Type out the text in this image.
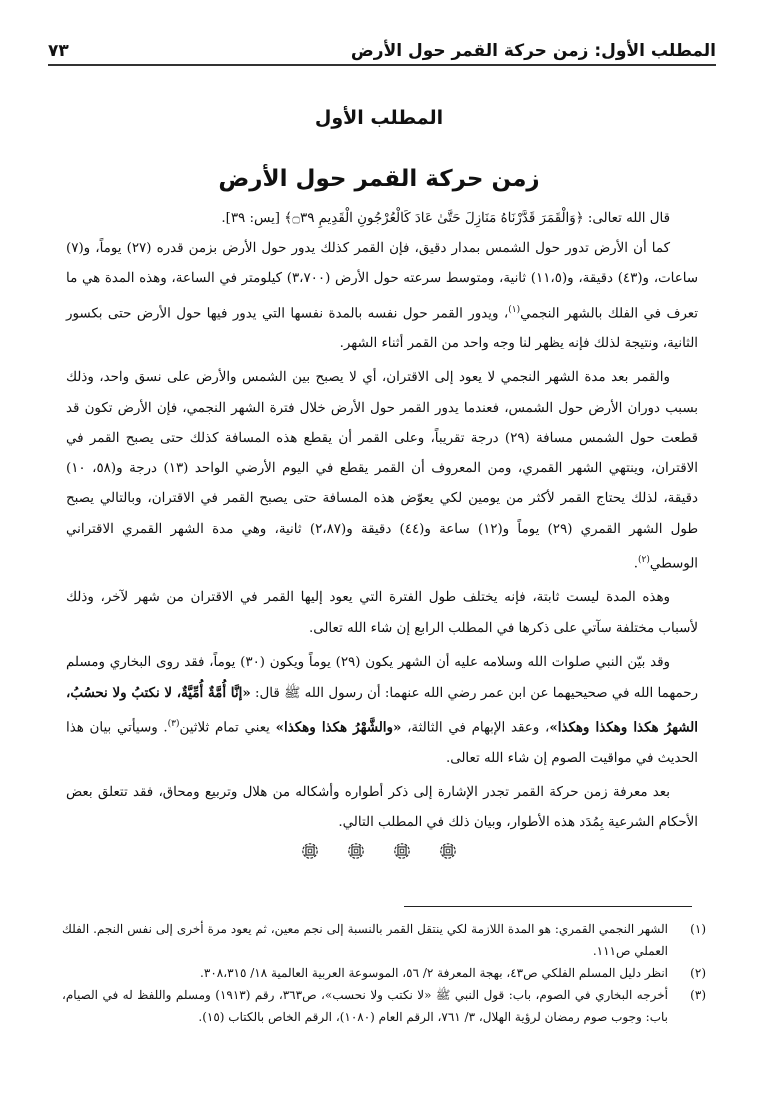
المطلب الأول: زمن حركة القمر حول الأرض
٧٣
المطلب الأول
زمن حركة القمر حول الأرض

قال الله تعالى: ﴿وَالْقَمَرَ قَدَّرْنَاهُ مَنَازِلَ حَتَّىٰ عَادَ كَالْعُرْجُونِ الْقَدِيمِ ۝٣٩﴾ [يس: ٣٩].

كما أن الأرض تدور حول الشمس بمدار دقيق، فإن القمر كذلك يدور حول الأرض بزمن قدره (٢٧) يوماً، و(٧) ساعات، و(٤٣) دقيقة، و(١١،٥) ثانية، ومتوسط سرعته حول الأرض (٣،٧٠٠) كيلومتر في الساعة، وهذه المدة هي ما تعرف في الفلك بالشهر النجمي$^{(١)}$، ويدور القمر حول نفسه بالمدة نفسها التي يدور فيها حول الأرض حتى بكسور الثانية، ونتيجة لذلك فإنه يظهر لنا وجه واحد من القمر أثناء الشهر.

والقمر بعد مدة الشهر النجمي لا يعود إلى الاقتران، أي لا يصبح بين الشمس والأرض على نسق واحد، وذلك بسبب دوران الأرض حول الشمس، فعندما يدور القمر حول الأرض خلال فترة الشهر النجمي، فإن الأرض تكون قد قطعت حول الشمس مسافة (٢٩) درجة تقريباً، وعلى القمر أن يقطع هذه المسافة كذلك حتى يصبح القمر في الاقتران، وينتهي الشهر القمري، ومن المعروف أن القمر يقطع في اليوم الأرضي الواحد (١٣) درجة و(٥٨، ١٠) دقيقة، لذلك يحتاج القمر لأكثر من يومين لكي يعوّض هذه المسافة حتى يصبح القمر في الاقتران، وبالتالي يصبح طول الشهر القمري (٢٩) يوماً و(١٢) ساعة و(٤٤) دقيقة و(٢،٨٧) ثانية، وهي مدة الشهر القمري الاقتراني الوسطي$^{(٢)}$.

وهذه المدة ليست ثابتة، فإنه يختلف طول الفترة التي يعود إليها القمر في الاقتران من شهر لآخر، وذلك لأسباب مختلفة سآتي على ذكرها في المطلب الرابع إن شاء الله تعالى.

وقد بيّن النبي صلوات الله وسلامه عليه أن الشهر يكون (٢٩) يوماً ويكون (٣٠) يوماً، فقد روى البخاري ومسلم رحمهما الله في صحيحيهما عن ابن عمر رضي الله عنهما: أن رسول الله ﷺ قال: «إنَّا أُمَّةٌ أُمِّيَّةٌ، لا نكتبُ ولا نحسُبُ، الشهرُ هكذا وهكذا وهكذا»، وعقد الإبهام في الثالثة، «والشَّهْرُ هكذا وهكذا» يعني تمام ثلاثين$^{(٣)}$. وسيأتي بيان هذا الحديث في مواقيت الصوم إن شاء الله تعالى.

بعد معرفة زمن حركة القمر تجدر الإشارة إلى ذكر أطواره وأشكاله من هلال وتربيع ومحاق، فقد تتعلق بعض الأحكام الشرعية بِمُدَد هذه الأطوار، وبيان ذلك في المطلب التالي.

(١)
الشهر النجمي القمري: هو المدة اللازمة لكي ينتقل القمر بالنسبة إلى نجم معين، ثم يعود مرة أخرى إلى نفس النجم. الفلك العملي ص١١١.
(٢)
انظر دليل المسلم الفلكي ص٤٣، بهجة المعرفة ٢/ ٥٦، الموسوعة العربية العالمية ١٨/ ٣٠٨،٣١٥.
(٣)
أخرجه البخاري في الصوم، باب: قول النبي ﷺ «لا نكتب ولا نحسب»، ص٣٦٣، رقم (١٩١٣) ومسلم واللفظ له في الصيام، باب: وجوب صوم رمضان لرؤية الهلال، ٣/ ٧٦١، الرقم العام (١٠٨٠)، الرقم الخاص بالكتاب (١٥).
